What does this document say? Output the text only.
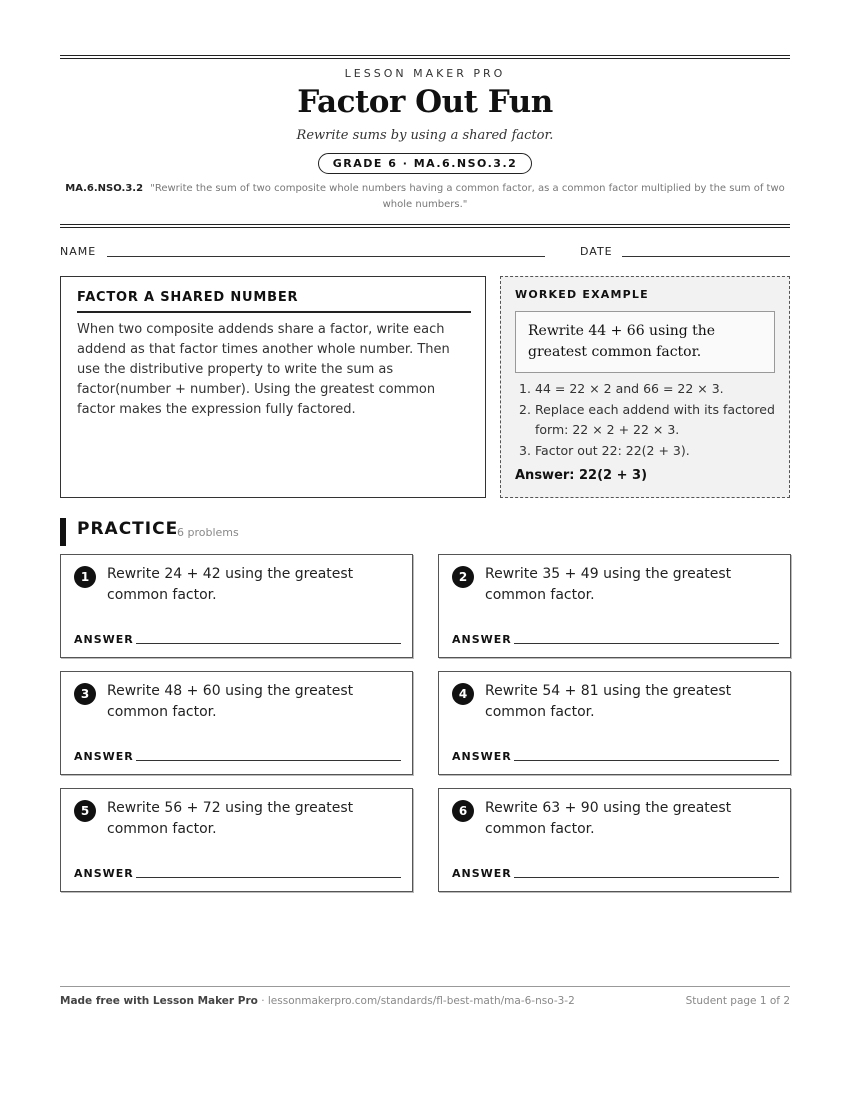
LESSON MAKER PRO
Factor Out Fun
Rewrite sums by using a shared factor.
GRADE 6 · MA.6.NSO.3.2
MA.6.NSO.3.2 "Rewrite the sum of two composite whole numbers having a common factor, as a common factor multiplied by the sum of two whole numbers."
NAME	DATE
FACTOR A SHARED NUMBER
When two composite addends share a factor, write each addend as that factor times another whole number. Then use the distributive property to write the sum as factor(number + number). Using the greatest common factor makes the expression fully factored.
WORKED EXAMPLE
Rewrite 44 + 66 using the greatest common factor.
1. 44 = 22 × 2 and 66 = 22 × 3.
2. Replace each addend with its factored form: 22 × 2 + 22 × 3.
3. Factor out 22: 22(2 + 3).
Answer: 22(2 + 3)
PRACTICE
6 problems
1	Rewrite 24 + 42 using the greatest common factor.
ANSWER
2	Rewrite 35 + 49 using the greatest common factor.
ANSWER
3	Rewrite 48 + 60 using the greatest common factor.
ANSWER
4	Rewrite 54 + 81 using the greatest common factor.
ANSWER
5	Rewrite 56 + 72 using the greatest common factor.
ANSWER
6	Rewrite 63 + 90 using the greatest common factor.
ANSWER
Made free with Lesson Maker Pro · lessonmakerpro.com/standards/fl-best-math/ma-6-nso-3-2	Student page 1 of 2
